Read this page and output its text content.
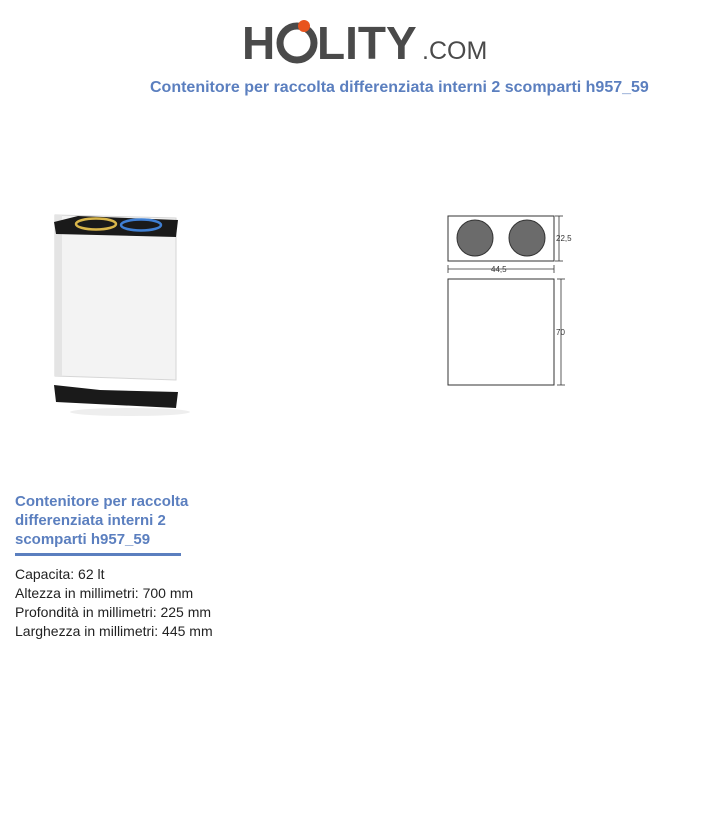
H LITY .COM
Contenitore per raccolta differenziata interni 2 scomparti h957_59
22,5
44,5
70
Contenitore per raccolta differenziata interni 2 scomparti h957_59
Capacita: 62 lt
Altezza in millimetri: 700 mm
Profondità in millimetri: 225 mm
Larghezza in millimetri: 445 mm
